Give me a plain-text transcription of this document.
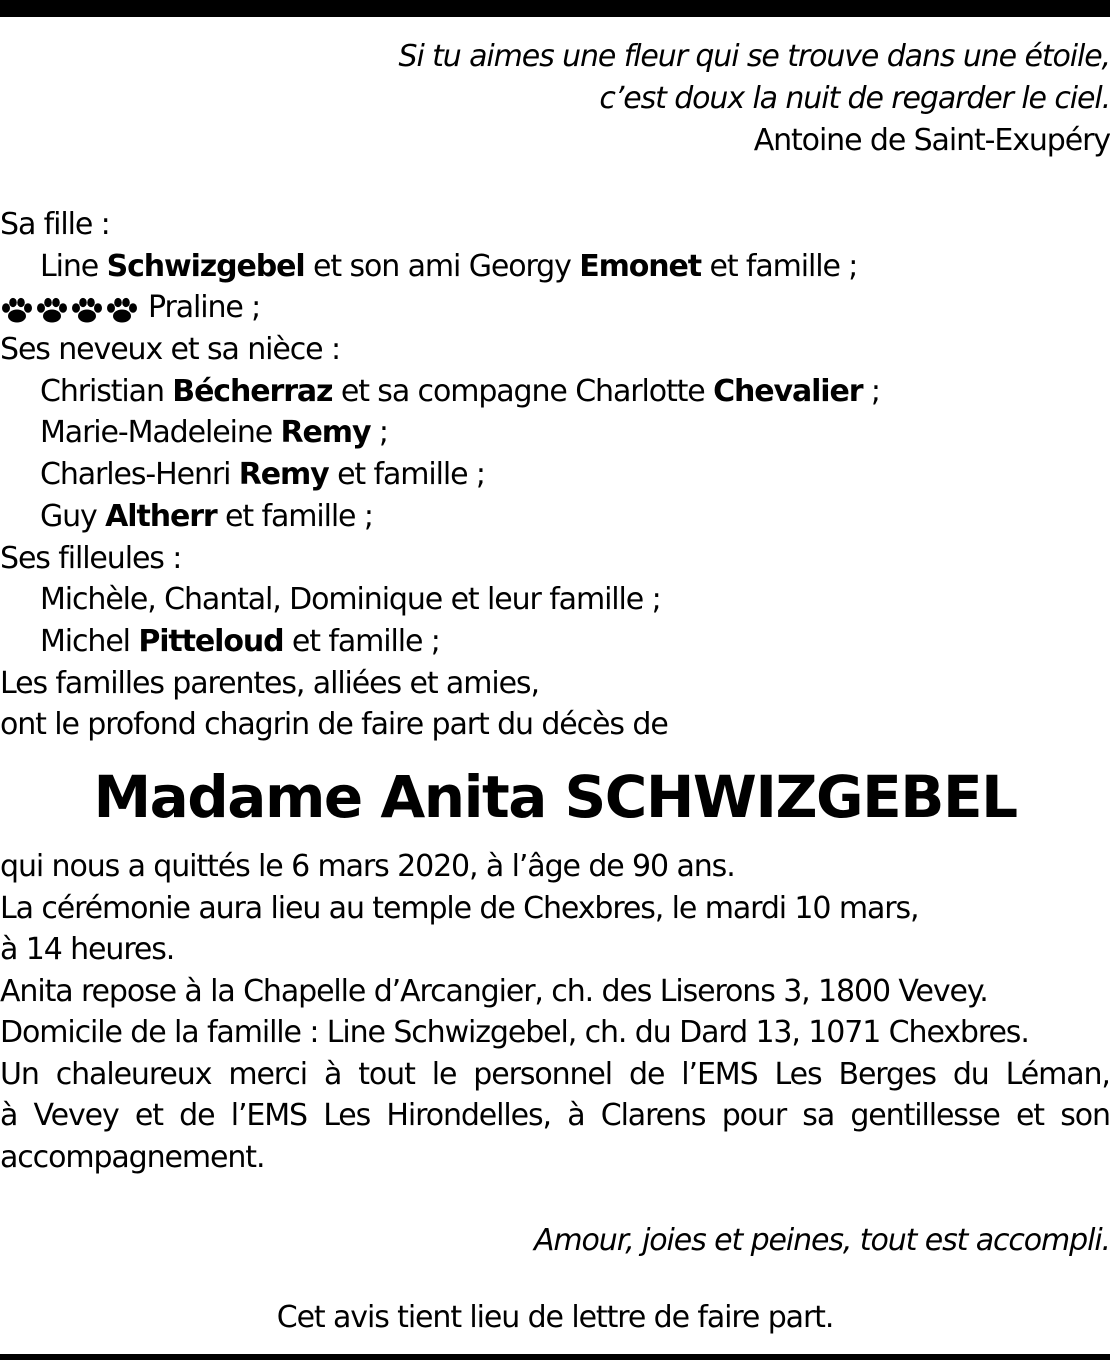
Si tu aimes une fleur qui se trouve dans une étoile,
c’est doux la nuit de regarder le ciel.
Antoine de Saint-Exupéry
Sa fille :
Line Schwizgebel et son ami Georgy Emonet et famille ;
Praline ;
Ses neveux et sa nièce :
Christian Bécherraz et sa compagne Charlotte Chevalier ;
Marie-Madeleine Remy ;
Charles-Henri Remy et famille ;
Guy Altherr et famille ;
Ses filleules :
Michèle, Chantal, Dominique et leur famille ;
Michel Pitteloud et famille ;
Les familles parentes, alliées et amies,
ont le profond chagrin de faire part du décès de
Madame Anita SCHWIZGEBEL
qui nous a quittés le 6 mars 2020, à l’âge de 90 ans.
La cérémonie aura lieu au temple de Chexbres, le mardi 10 mars,
à 14 heures.
Anita repose à la Chapelle d’Arcangier, ch. des Liserons 3, 1800 Vevey.
Domicile de la famille : Line Schwizgebel, ch. du Dard 13, 1071 Chexbres.
Un chaleureux merci à tout le personnel de l’EMS Les Berges du Léman,
à Vevey et de l’EMS Les Hirondelles, à Clarens pour sa gentillesse et son
accompagnement.
Amour, joies et peines, tout est accompli.
Cet avis tient lieu de lettre de faire part.
